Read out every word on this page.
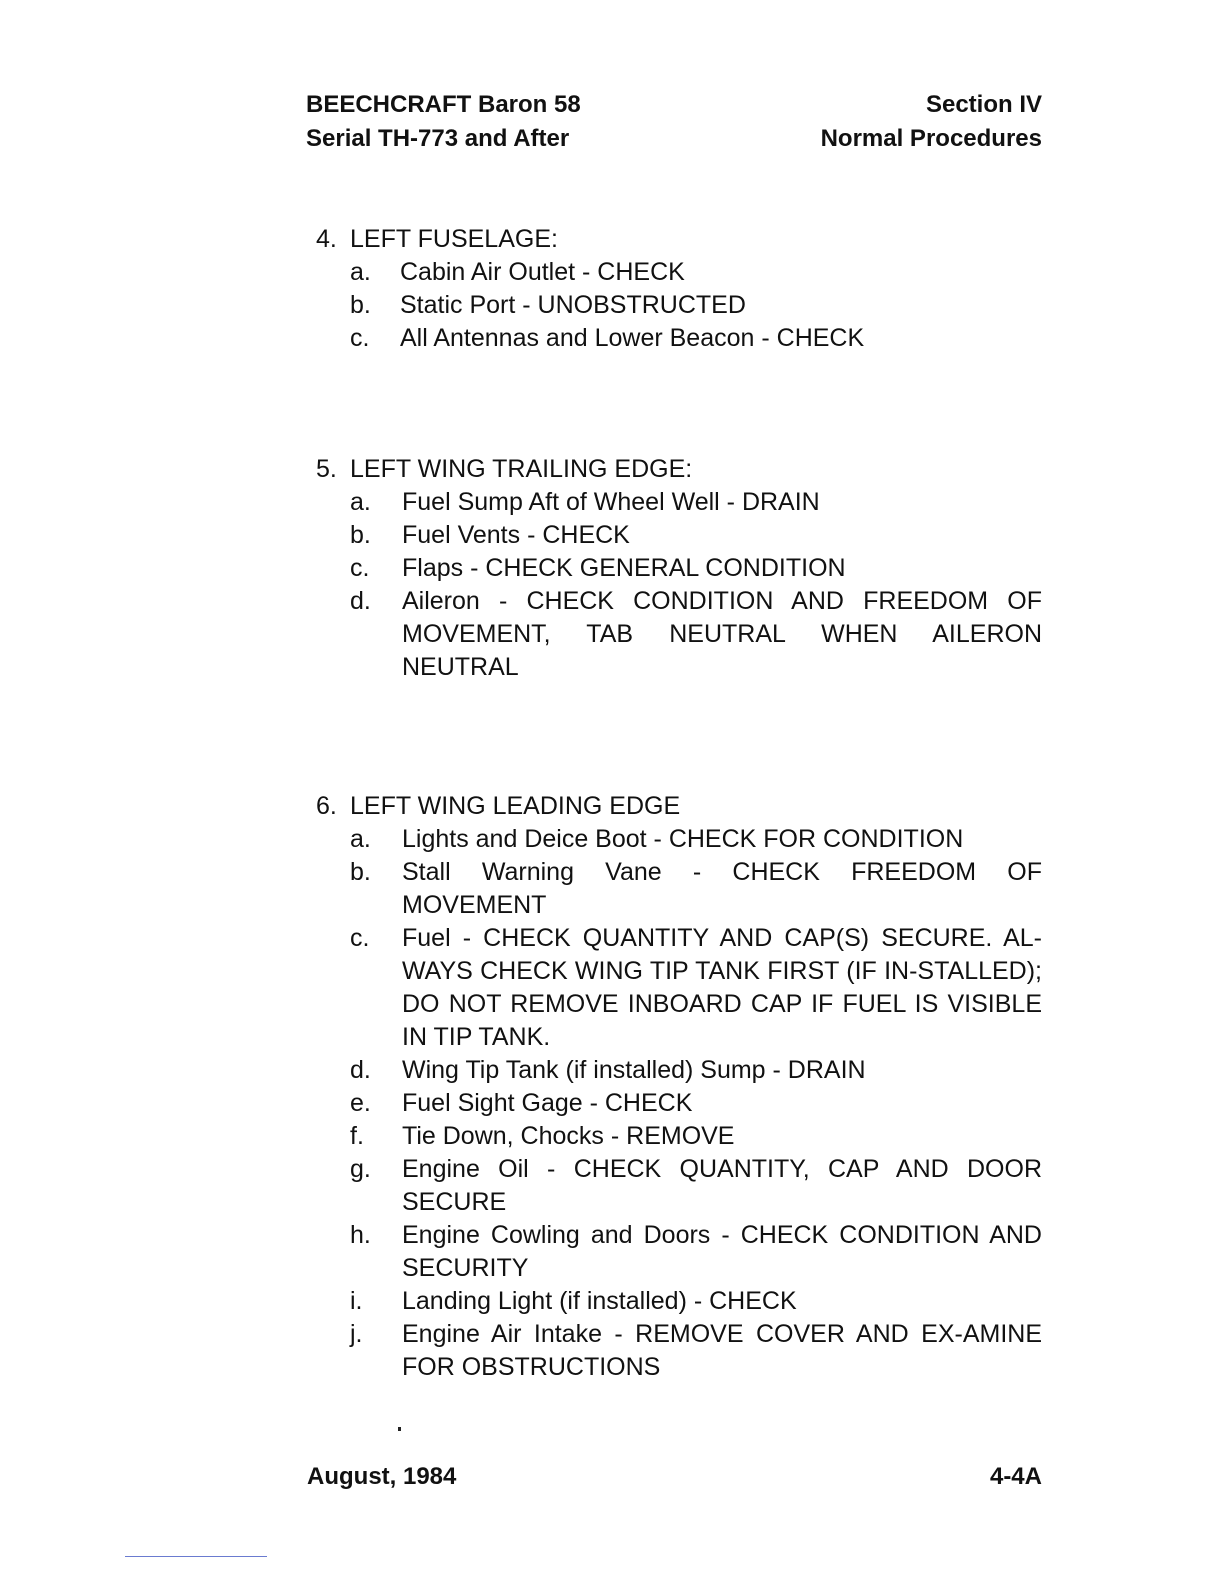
BEECHCRAFT Baron 58
Serial TH-773 and After
Section IV
Normal Procedures
4. LEFT FUSELAGE:
a. Cabin Air Outlet - CHECK
b. Static Port - UNOBSTRUCTED
c. All Antennas and Lower Beacon - CHECK
5. LEFT WING TRAILING EDGE:
a. Fuel Sump Aft of Wheel Well - DRAIN
b. Fuel Vents - CHECK
c. Flaps - CHECK GENERAL CONDITION
d. Aileron - CHECK CONDITION AND FREEDOM OF MOVEMENT, TAB NEUTRAL WHEN AILERON NEUTRAL
6. LEFT WING LEADING EDGE
a. Lights and Deice Boot - CHECK FOR CONDITION
b. Stall Warning Vane - CHECK FREEDOM OF MOVEMENT
c. Fuel - CHECK QUANTITY AND CAP(S) SECURE. AL-WAYS CHECK WING TIP TANK FIRST (IF IN-STALLED); DO NOT REMOVE INBOARD CAP IF FUEL IS VISIBLE IN TIP TANK.
d. Wing Tip Tank (if installed) Sump - DRAIN
e. Fuel Sight Gage - CHECK
f. Tie Down, Chocks - REMOVE
g. Engine Oil - CHECK QUANTITY, CAP AND DOOR SECURE
h. Engine Cowling and Doors - CHECK CONDITION AND SECURITY
i. Landing Light (if installed) - CHECK
j. Engine Air Intake - REMOVE COVER AND EX-AMINE FOR OBSTRUCTIONS
August, 1984	4-4A
